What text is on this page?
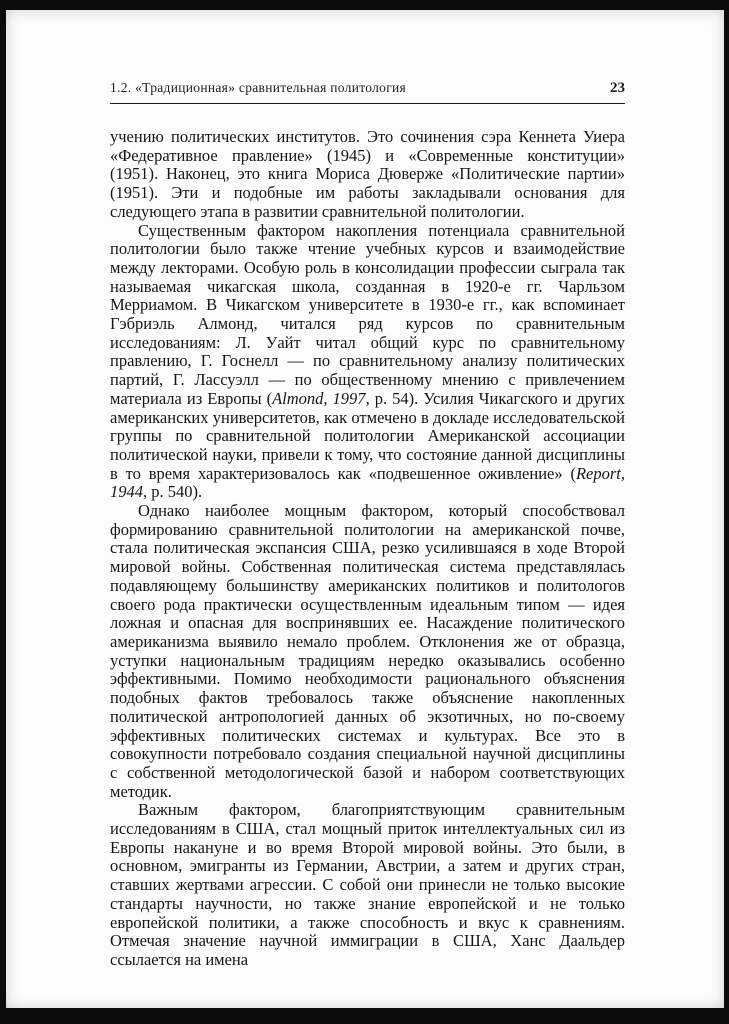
1.2. «Традиционная» сравнительная политология	23

учению политических институтов. Это сочинения сэра Кеннета Уиера «Федеративное правление» (1945) и «Современные конституции» (1951). Наконец, это книга Мориса Дюверже «Политические партии» (1951). Эти и подобные им работы закладывали основания для следующего этапа в развитии сравнительной политологии.

Существенным фактором накопления потенциала сравнительной политологии было также чтение учебных курсов и взаимодействие между лекторами. Особую роль в консолидации профессии сыграла так называемая чикагская школа, созданная в 1920-е гг. Чарльзом Мерриамом. В Чикагском университете в 1930-е гг., как вспоминает Гэбриэль Алмонд, читался ряд курсов по сравнительным исследованиям: Л. Уайт читал общий курс по сравнительному правлению, Г. Госнелл — по сравнительному анализу политических партий, Г. Лассуэлл — по общественному мнению с привлечением материала из Европы (Almond, 1997, p. 54). Усилия Чикагского и других американских университетов, как отмечено в докладе исследовательской группы по сравнительной политологии Американской ассоциации политической науки, привели к тому, что состояние данной дисциплины в то время характеризовалось как «подвешенное оживление» (Report, 1944, p. 540).

Однако наиболее мощным фактором, который способствовал формированию сравнительной политологии на американской почве, стала политическая экспансия США, резко усилившаяся в ходе Второй мировой войны. Собственная политическая система представлялась подавляющему большинству американских политиков и политологов своего рода практически осуществленным идеальным типом — идея ложная и опасная для воспринявших ее. Насаждение политического американизма выявило немало проблем. Отклонения же от образца, уступки национальным традициям нередко оказывались особенно эффективными. Помимо необходимости рационального объяснения подобных фактов требовалось также объяснение накопленных политической антропологией данных об экзотичных, но по-своему эффективных политических системах и культурах. Все это в совокупности потребовало создания специальной научной дисциплины с собственной методологической базой и набором соответствующих методик.

Важным фактором, благоприятствующим сравнительным исследованиям в США, стал мощный приток интеллектуальных сил из Европы накануне и во время Второй мировой войны. Это были, в основном, эмигранты из Германии, Австрии, а затем и других стран, ставших жертвами агрессии. С собой они принесли не только высокие стандарты научности, но также знание европейской и не только европейской политики, а также способность и вкус к сравнениям. Отмечая значение научной иммиграции в США, Ханс Даальдер ссылается на имена
